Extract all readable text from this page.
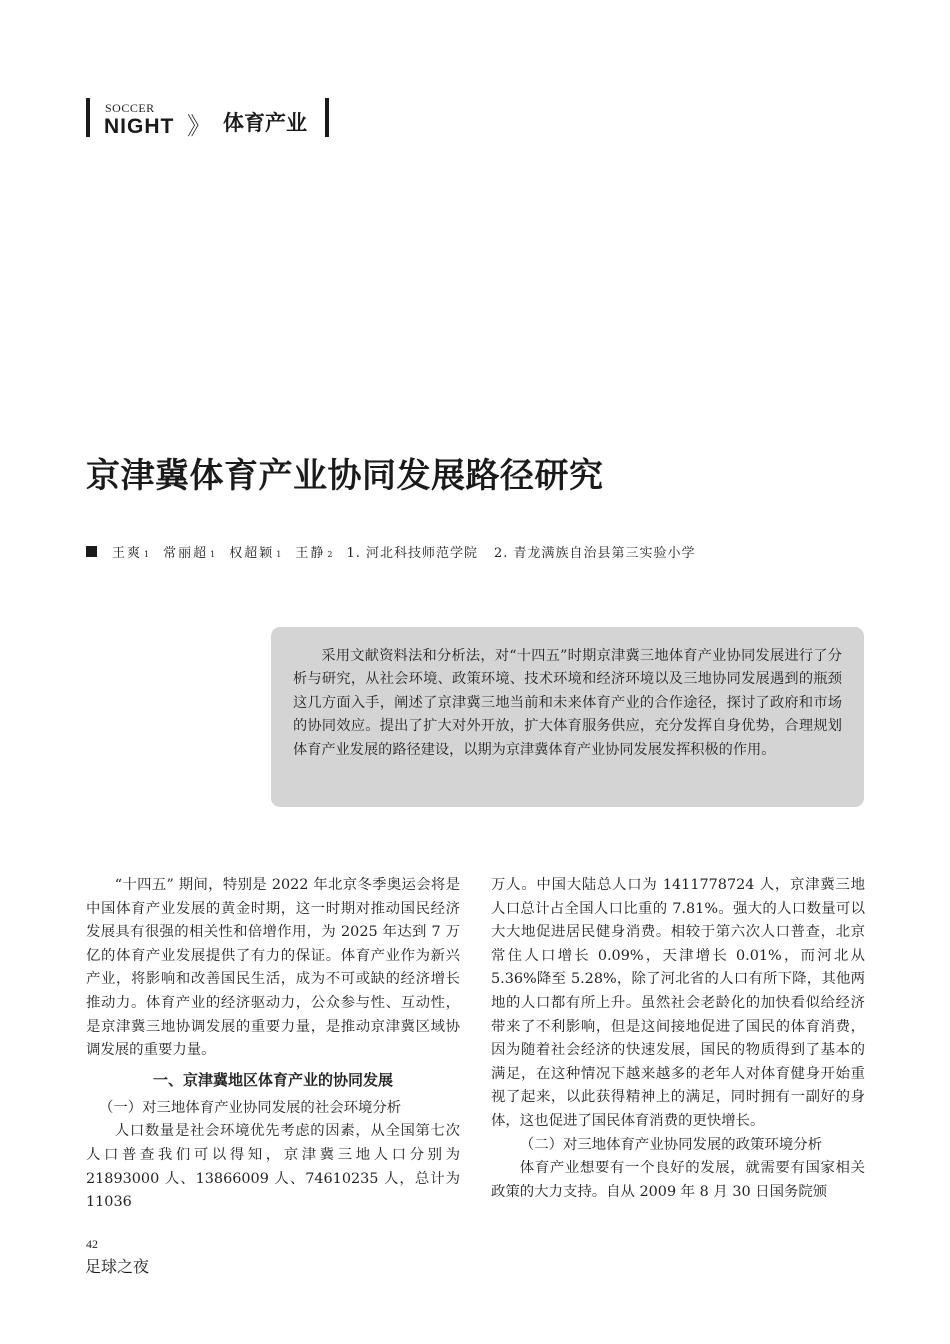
SOCCER
NIGHT 》 体育产业
京津冀体育产业协同发展路径研究
王爽 1 常丽超 1 权超颖 1 王静 2 1. 河北科技师范学院 2. 青龙满族自治县第三实验小学

采用文献资料法和分析法，对“十四五”时期京津冀三地体育产业协同发展进行了分析与研究，从社会环境、政策环境、技术环境和经济环境以及三地协同发展遇到的瓶颈这几方面入手，阐述了京津冀三地当前和未来体育产业的合作途径，探讨了政府和市场的协同效应。提出了扩大对外开放，扩大体育服务供应，充分发挥自身优势，合理规划体育产业发展的路径建设，以期为京津冀体育产业协同发展发挥积极的作用。

“十四五” 期间，特别是 2022 年北京冬季奥运会将是中国体育产业发展的黄金时期，这一时期对推动国民经济发展具有很强的相关性和倍增作用，为 2025 年达到 7 万亿的体育产业发展提供了有力的保证。体育产业作为新兴产业，将影响和改善国民生活，成为不可或缺的经济增长推动力。体育产业的经济驱动力，公众参与性、互动性，是京津冀三地协调发展的重要力量，是推动京津冀区域协调发展的重要力量。

一、京津冀地区体育产业的协同发展

（一）对三地体育产业协同发展的社会环境分析

人口数量是社会环境优先考虑的因素，从全国第七次人口普查我们可以得知，京津冀三地人口分别为 21893000 人、13866009 人、74610235 人，总计为 11036

万人。中国大陆总人口为 1411778724 人，京津冀三地人口总计占全国人口比重的 7.81%。强大的人口数量可以大大地促进居民健身消费。相较于第六次人口普查，北京常住人口增长 0.09%，天津增长 0.01%，而河北从 5.36%降至 5.28%，除了河北省的人口有所下降，其他两地的人口都有所上升。虽然社会老龄化的加快看似给经济带来了不利影响，但是这间接地促进了国民的体育消费，因为随着社会经济的快速发展，国民的物质得到了基本的满足，在这种情况下越来越多的老年人对体育健身开始重视了起来，以此获得精神上的满足，同时拥有一副好的身体，这也促进了国民体育消费的更快增长。

（二）对三地体育产业协同发展的政策环境分析

体育产业想要有一个良好的发展，就需要有国家相关政策的大力支持。自从 2009 年 8 月 30 日国务院颁

42
足球之夜
